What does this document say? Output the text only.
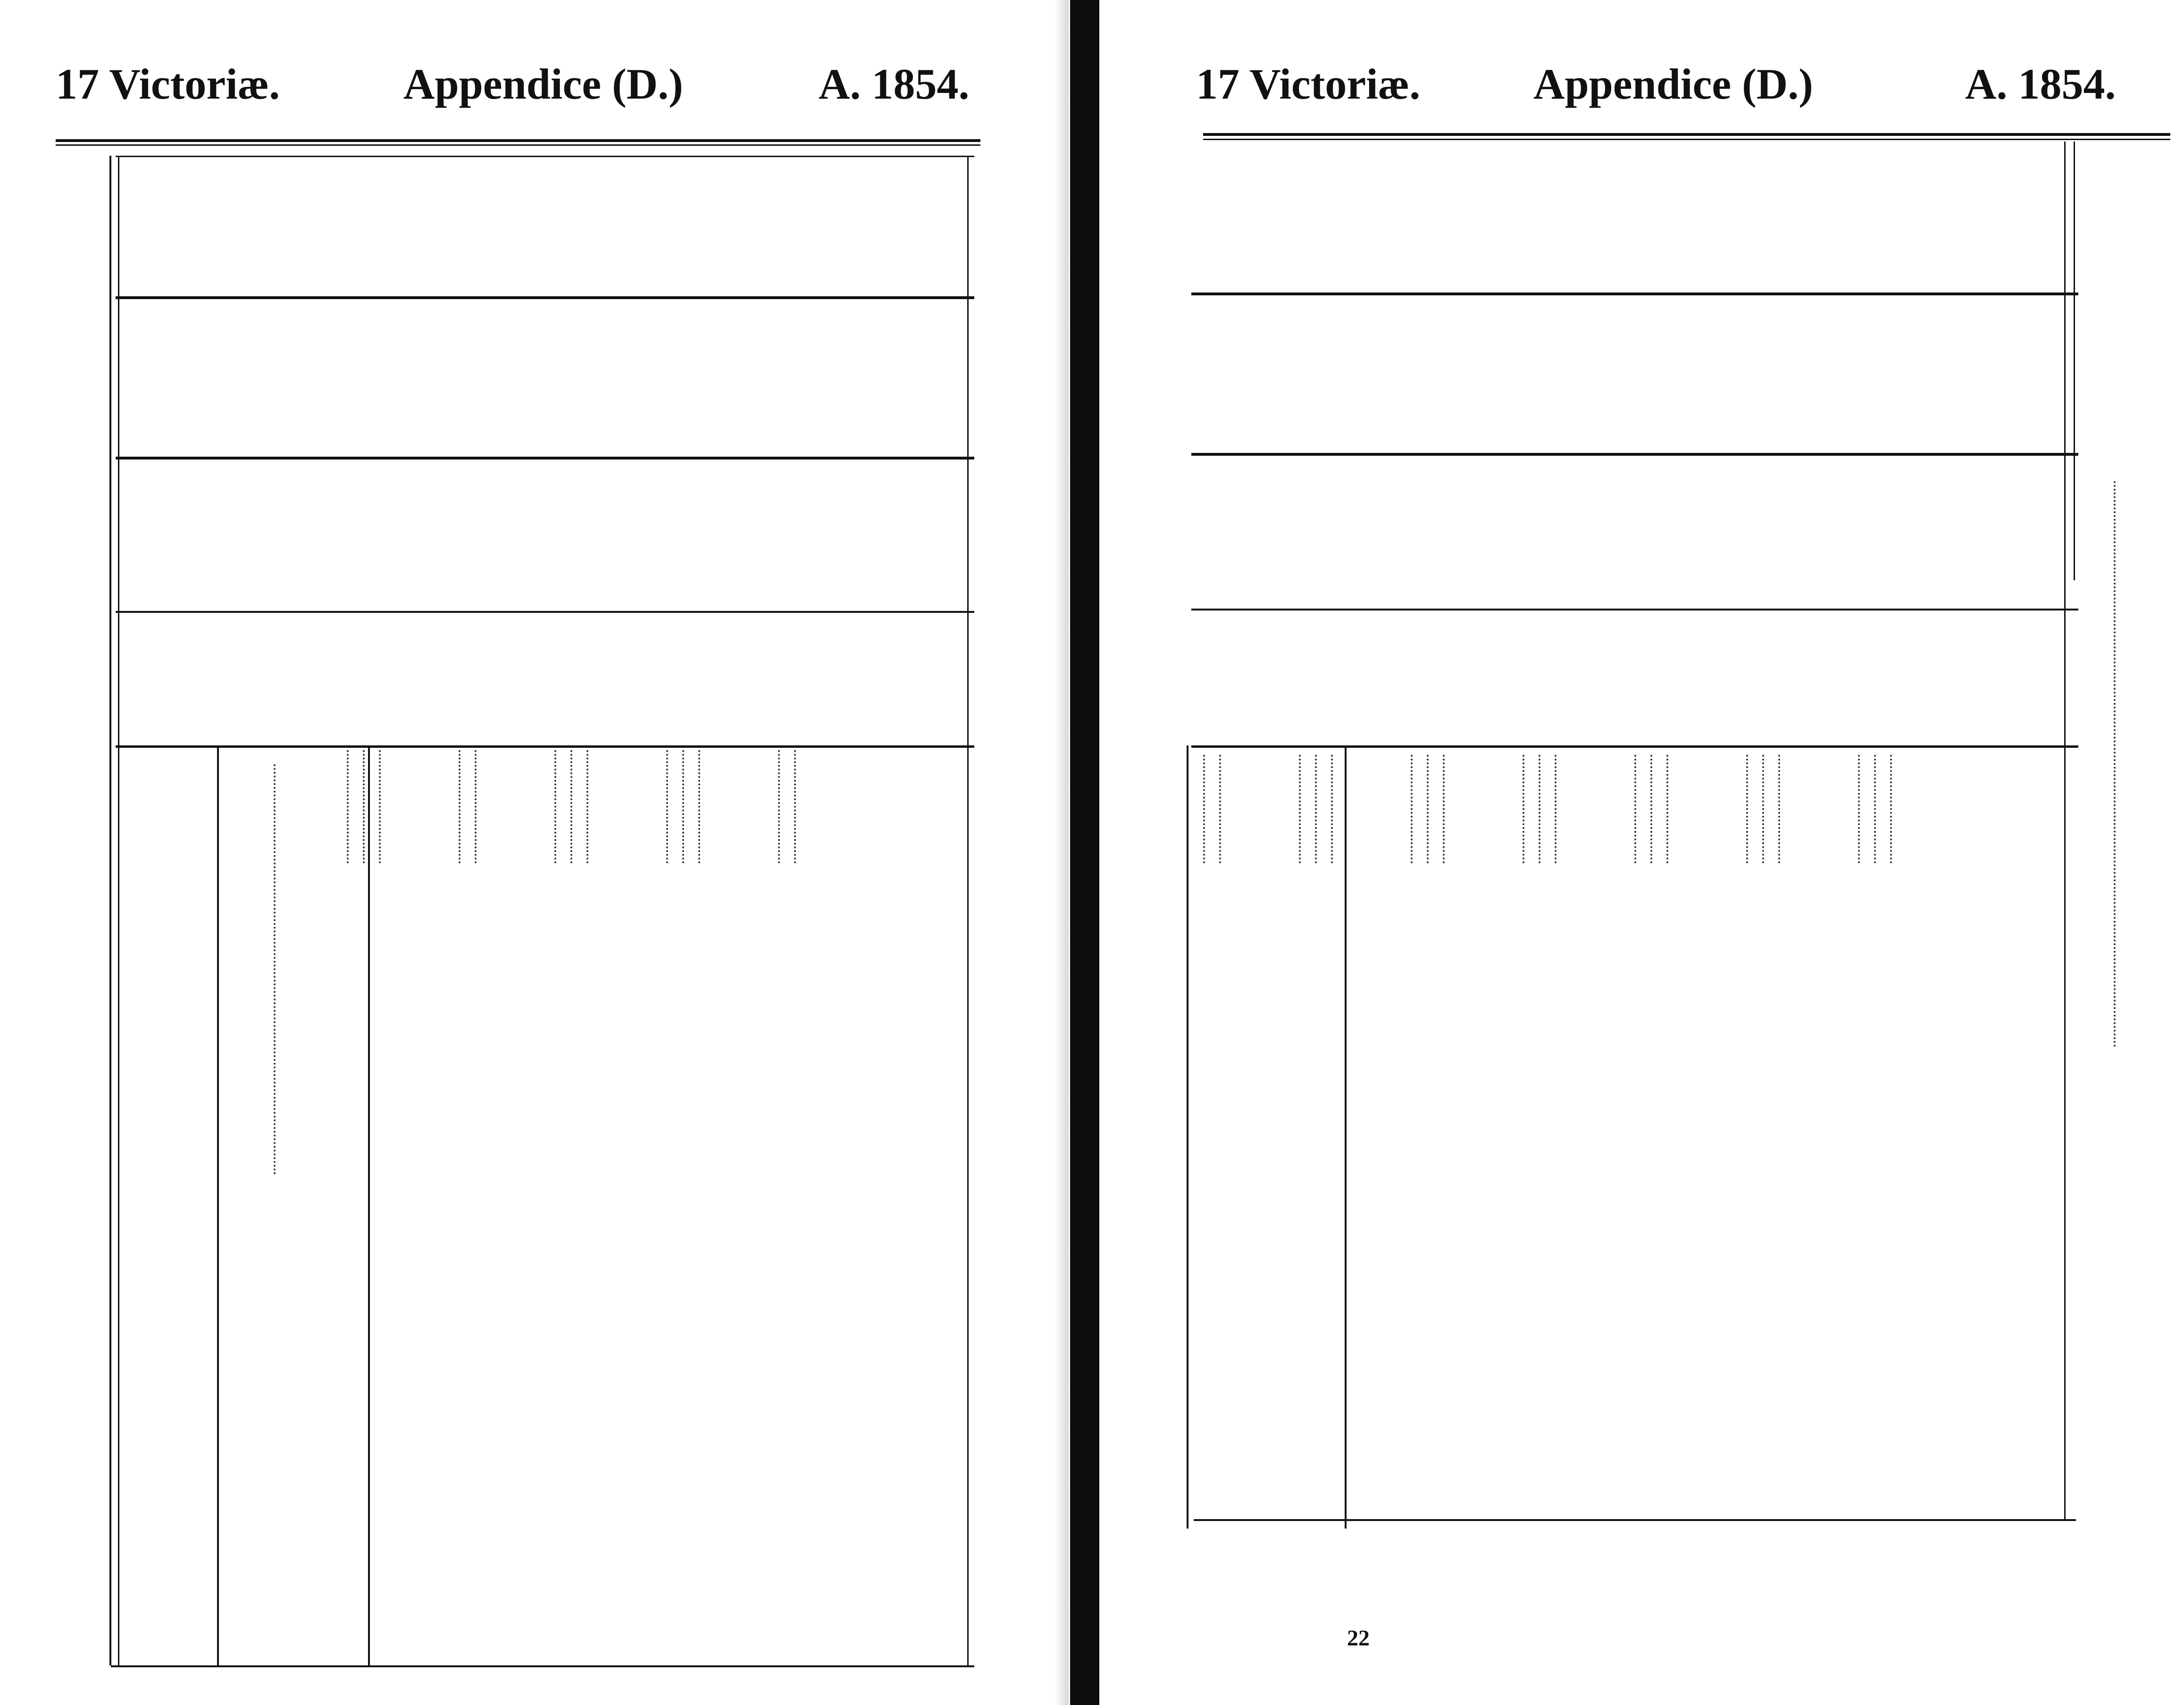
17 Victoriæ.	Appendice (D.)	A. 1854.	17 Victoriæ.	Appendice (D.)	A. 1854.
22
